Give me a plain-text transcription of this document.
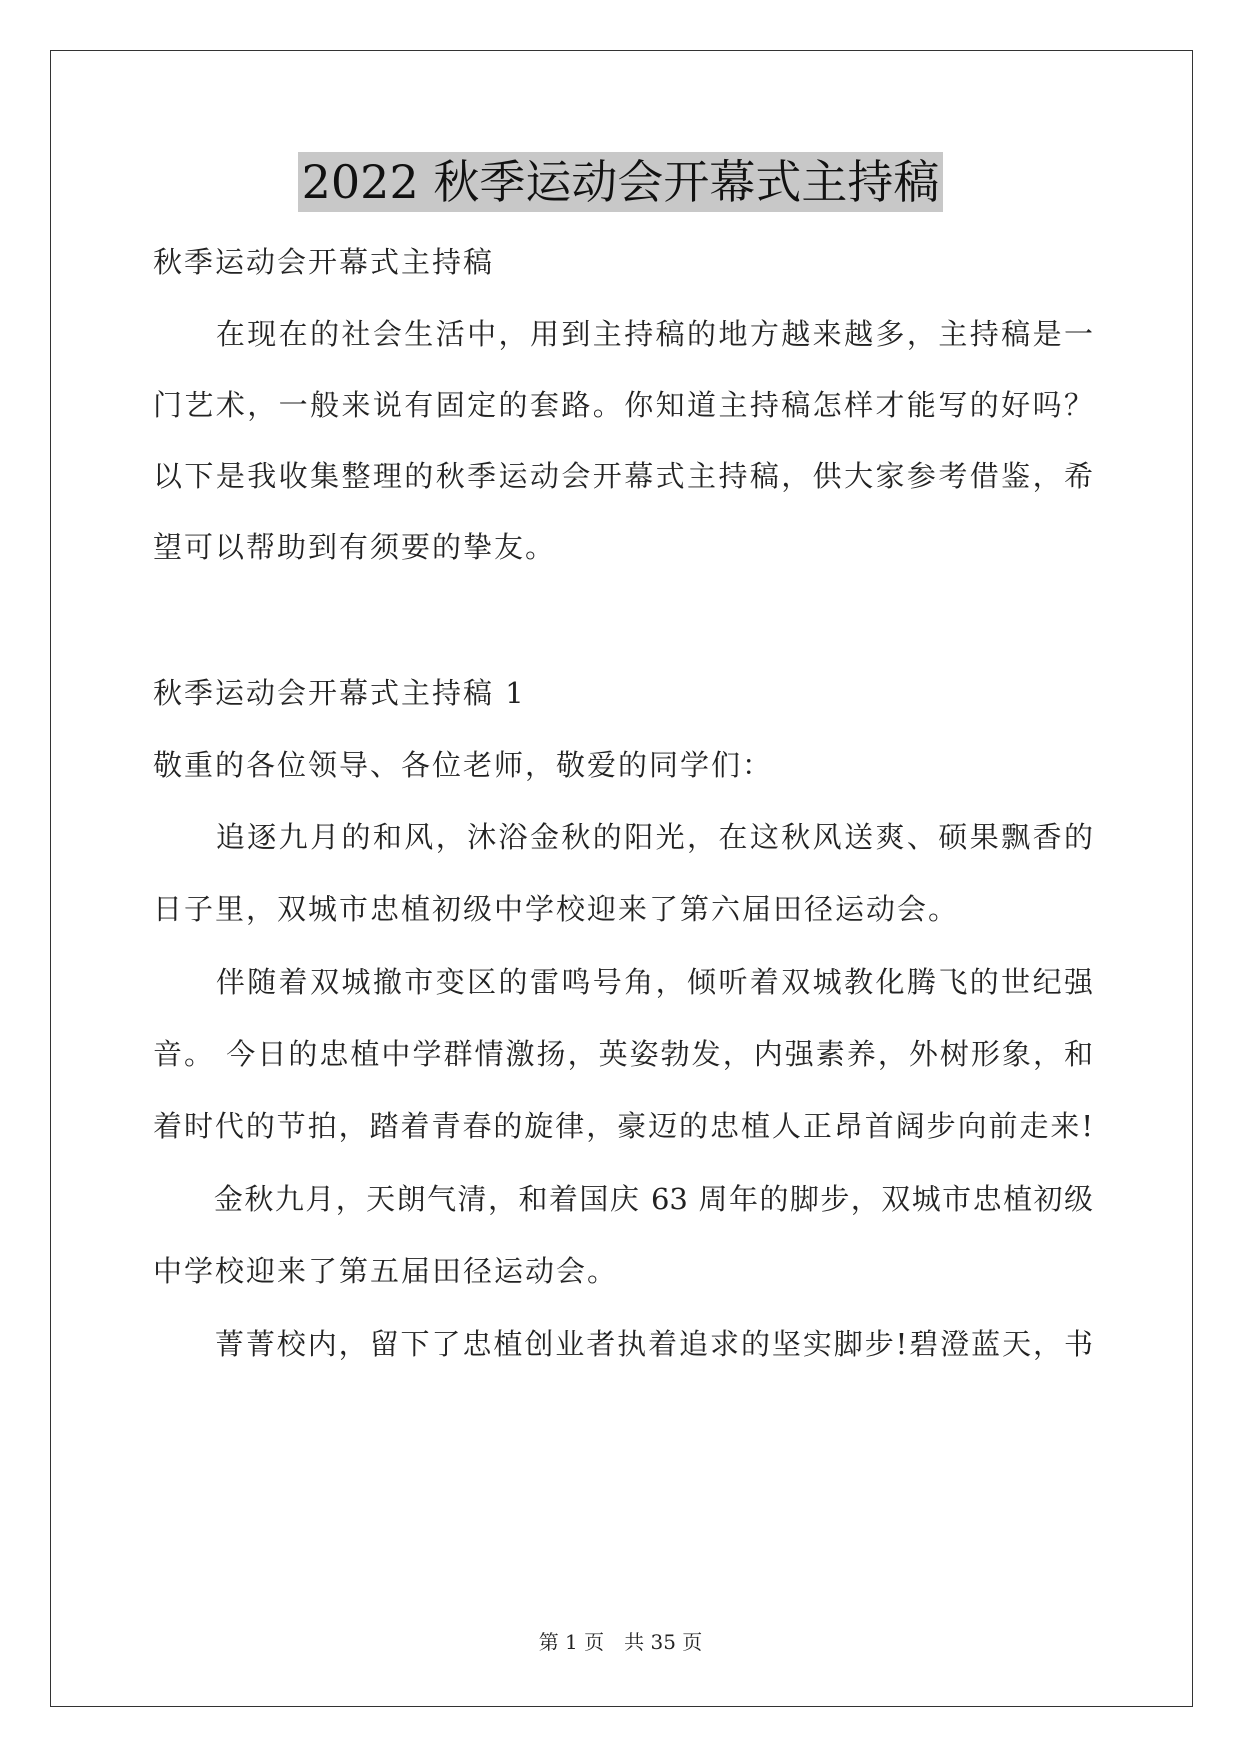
2022 秋季运动会开幕式主持稿
秋季运动会开幕式主持稿
　　在现在的社会生活中，用到主持稿的地方越来越多，主持稿是一
门艺术，一般来说有固定的套路。你知道主持稿怎样才能写的好吗？
以下是我收集整理的秋季运动会开幕式主持稿，供大家参考借鉴，希
望可以帮助到有须要的挚友。
秋季运动会开幕式主持稿 1
敬重的各位领导、各位老师，敬爱的同学们：
　　追逐九月的和风，沐浴金秋的阳光，在这秋风送爽、硕果飘香的
日子里，双城市忠植初级中学校迎来了第六届田径运动会。
　　伴随着双城撤市变区的雷鸣号角，倾听着双城教化腾飞的世纪强
音。 今日的忠植中学群情激扬，英姿勃发，内强素养，外树形象，和
着时代的节拍，踏着青春的旋律，豪迈的忠植人正昂首阔步向前走来!
　　金秋九月，天朗气清，和着国庆 63 周年的脚步，双城市忠植初级
中学校迎来了第五届田径运动会。
　　菁菁校内，留下了忠植创业者执着追求的坚实脚步!碧澄蓝天，书
第 1 页　共 35 页
